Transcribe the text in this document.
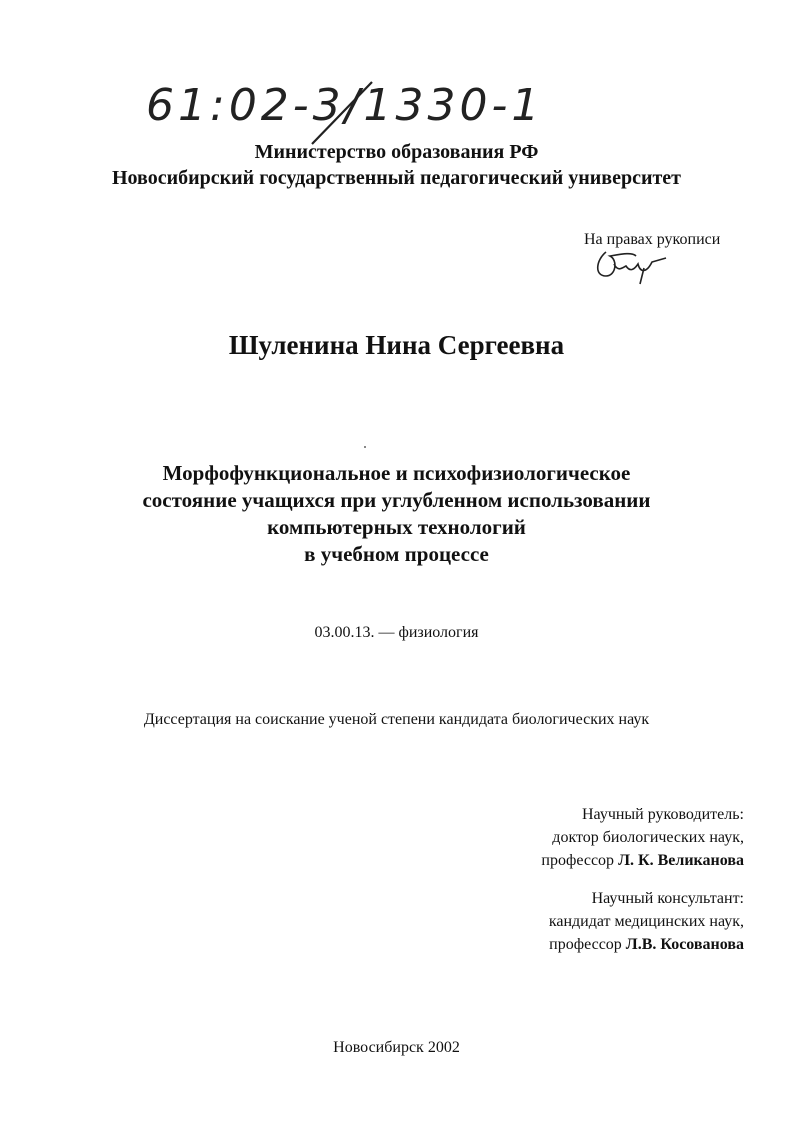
61:02-3/1330-1
Министерство образования РФ
Новосибирский государственный педагогический университет
На правах рукописи
Шуленина Нина Сергеевна
Морфофункциональное и психофизиологическое
состояние учащихся при углубленном использовании
компьютерных технологий
в учебном процессе
03.00.13. — физиология
Диссертация на соискание ученой степени кандидата биологических наук
Научный руководитель:
доктор биологических наук,
профессор Л. К. Великанова
Научный консультант:
кандидат медицинских наук,
профессор Л.В. Косованова
Новосибирск 2002
